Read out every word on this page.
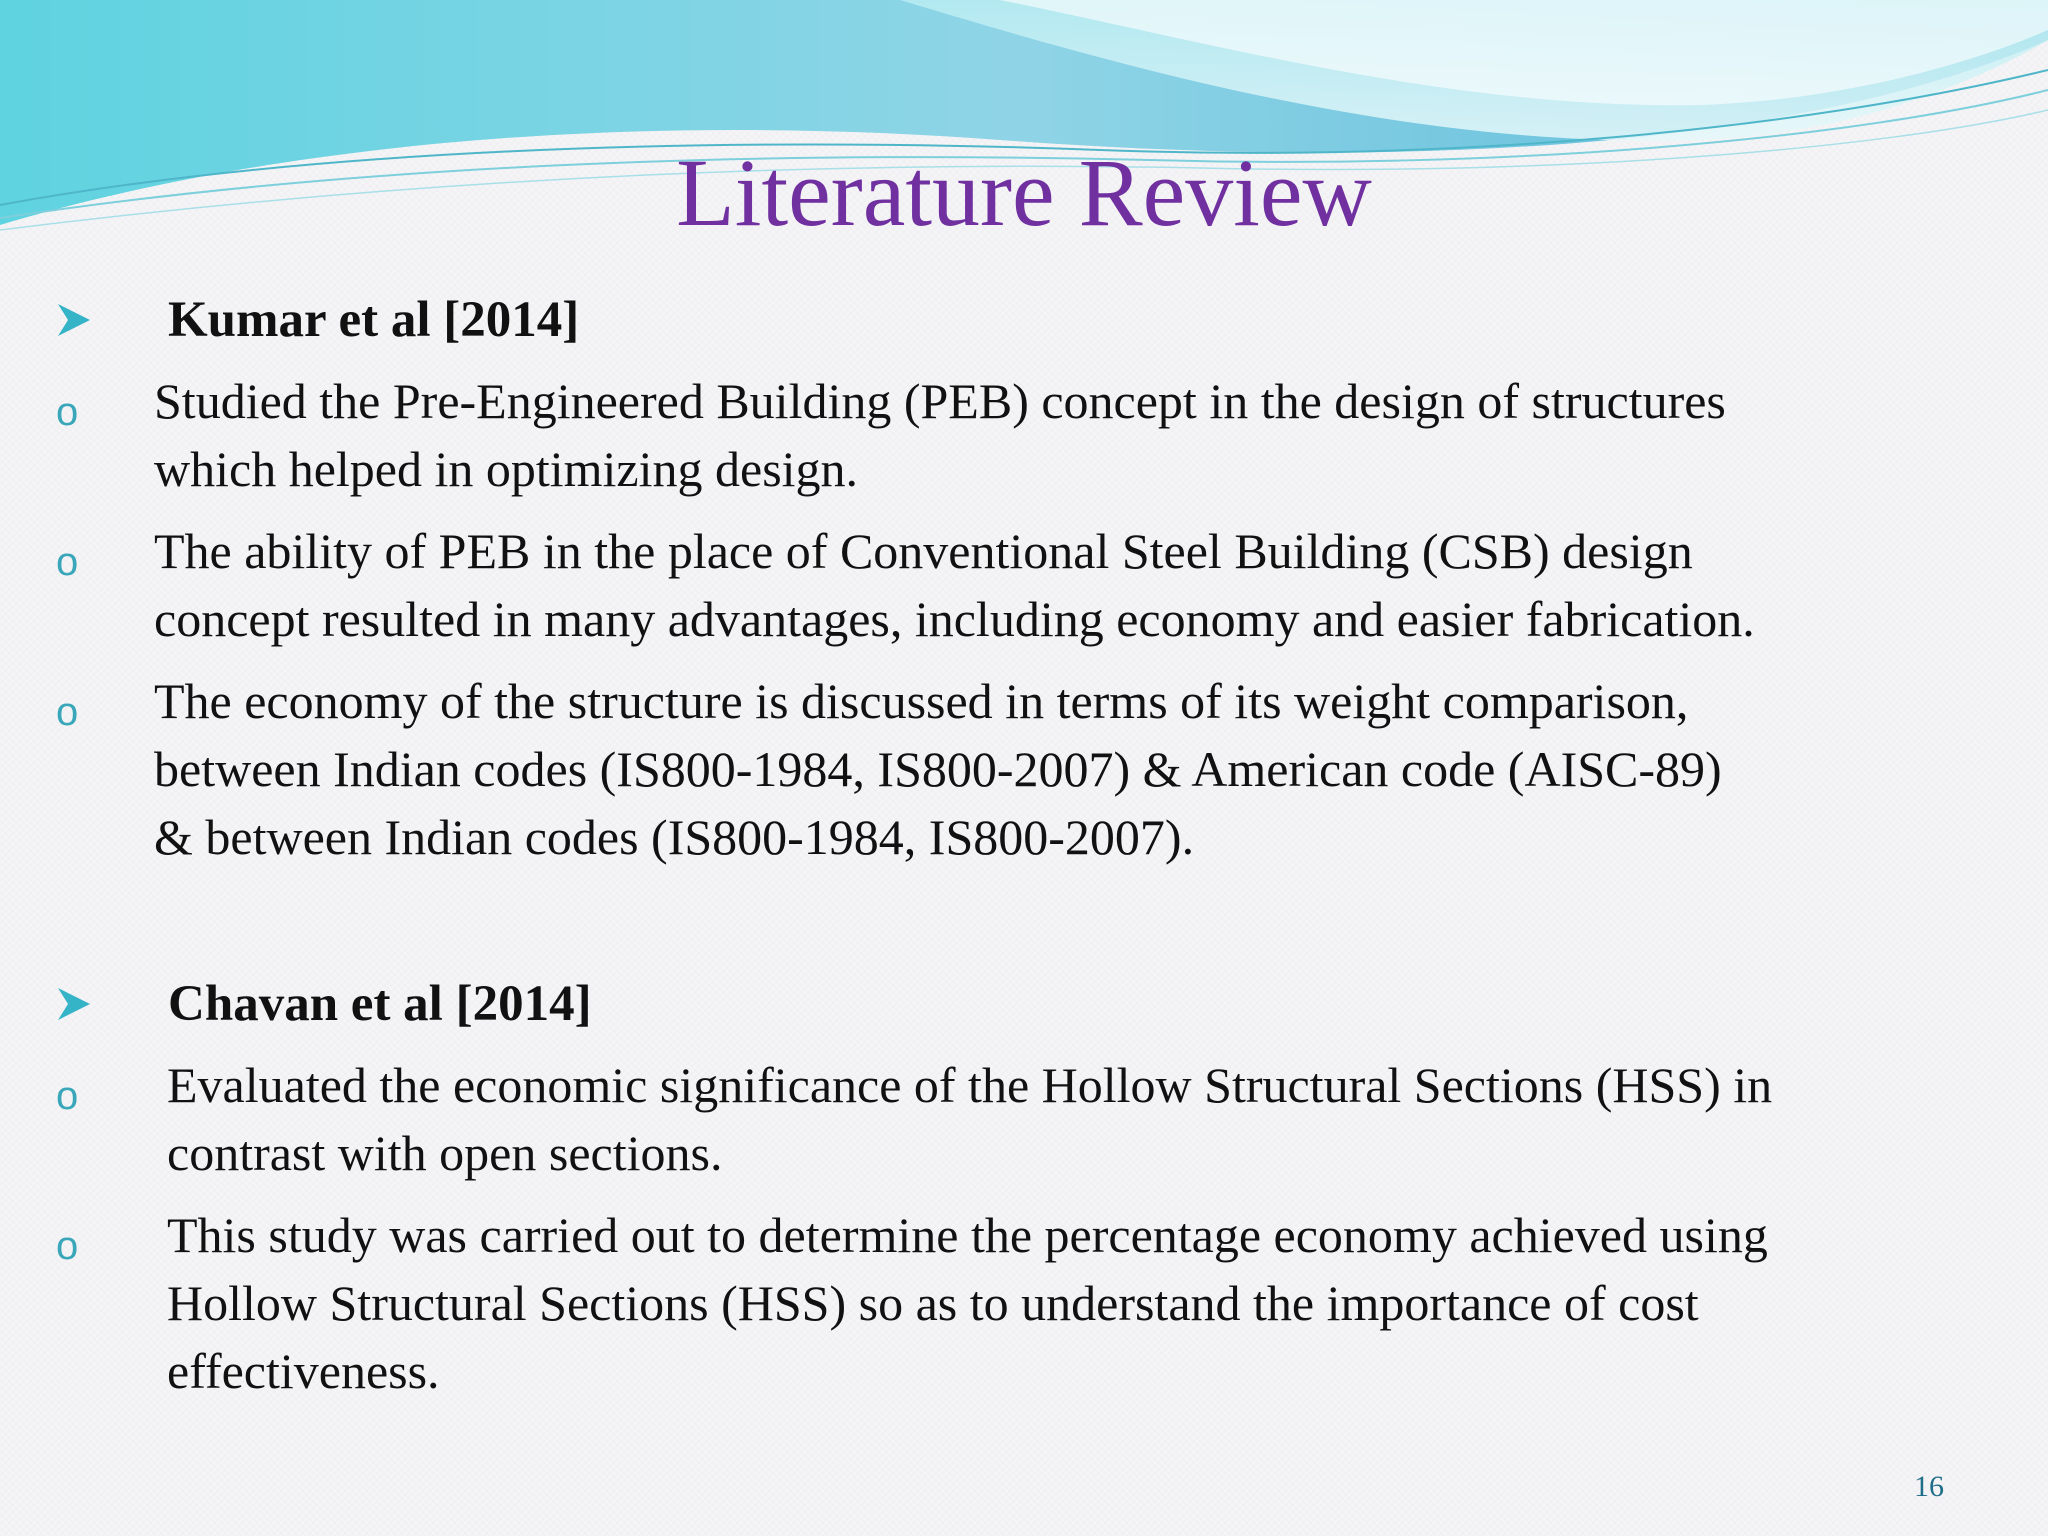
Literature Review
Kumar et al [2014]
o Studied the Pre-Engineered Building (PEB) concept in the design of structures
which helped in optimizing design.
o The ability of PEB in the place of Conventional Steel Building (CSB) design
concept resulted in many advantages, including economy and easier fabrication.
o The economy of the structure is discussed in terms of its weight comparison,
between Indian codes (IS800-1984, IS800-2007) & American code (AISC-89)
& between Indian codes (IS800-1984, IS800-2007).
Chavan et al [2014]
o Evaluated the economic significance of the Hollow Structural Sections (HSS) in
contrast with open sections.
o This study was carried out to determine the percentage economy achieved using
Hollow Structural Sections (HSS) so as to understand the importance of cost
effectiveness.
16
